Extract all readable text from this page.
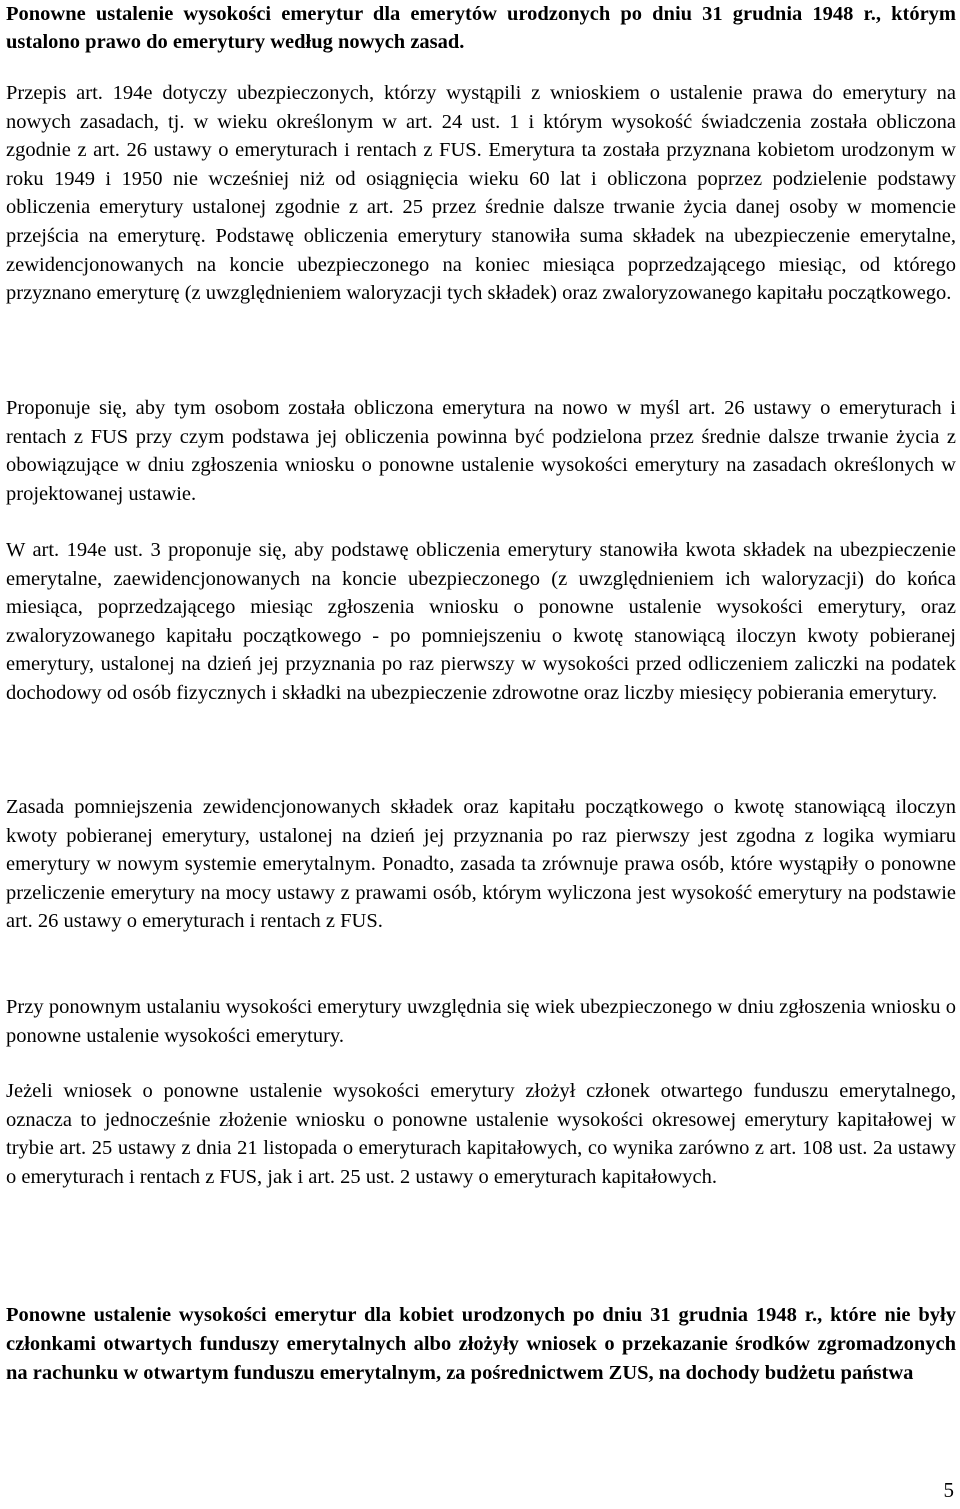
Ponowne ustalenie wysokości emerytur dla emerytów urodzonych po dniu 31 grudnia 1948 r., którym ustalono prawo do emerytury według nowych zasad.

Przepis art. 194e dotyczy ubezpieczonych, którzy wystąpili z wnioskiem o ustalenie prawa do emerytury na nowych zasadach, tj. w wieku określonym w art. 24 ust. 1 i którym wysokość świadczenia została obliczona zgodnie z art. 26 ustawy o emeryturach i rentach z FUS. Emerytura ta została przyznana kobietom urodzonym w roku 1949 i 1950 nie wcześniej niż od osiągnięcia wieku 60 lat i obliczona poprzez podzielenie podstawy obliczenia emerytury ustalonej zgodnie z art. 25 przez średnie dalsze trwanie życia danej osoby w momencie przejścia na emeryturę. Podstawę obliczenia emerytury stanowiła suma składek na ubezpieczenie emerytalne, zewidencjonowanych na koncie ubezpieczonego na koniec miesiąca poprzedzającego miesiąc, od którego przyznano emeryturę (z uwzględnieniem waloryzacji tych składek) oraz zwaloryzowanego kapitału początkowego.

Proponuje się, aby tym osobom została obliczona emerytura na nowo w myśl art. 26 ustawy o emeryturach i rentach z FUS przy czym podstawa jej obliczenia powinna być podzielona przez średnie dalsze trwanie życia z obowiązujące w dniu zgłoszenia wniosku o ponowne ustalenie wysokości emerytury na zasadach określonych w projektowanej ustawie.

W art. 194e ust. 3 proponuje się, aby podstawę obliczenia emerytury stanowiła kwota składek na ubezpieczenie emerytalne, zaewidencjonowanych na koncie ubezpieczonego (z uwzględnieniem ich waloryzacji) do końca miesiąca, poprzedzającego miesiąc zgłoszenia wniosku o ponowne ustalenie wysokości emerytury, oraz zwaloryzowanego kapitału początkowego - po pomniejszeniu o kwotę stanowiącą iloczyn kwoty pobieranej emerytury, ustalonej na dzień jej przyznania po raz pierwszy w wysokości przed odliczeniem zaliczki na podatek dochodowy od osób fizycznych i składki na ubezpieczenie zdrowotne oraz liczby miesięcy pobierania emerytury.

Zasada pomniejszenia zewidencjonowanych składek oraz kapitału początkowego o kwotę stanowiącą iloczyn kwoty pobieranej emerytury, ustalonej na dzień jej przyznania po raz pierwszy jest zgodna z logika wymiaru emerytury w nowym systemie emerytalnym. Ponadto, zasada ta zrównuje prawa osób, które wystąpiły o ponowne przeliczenie emerytury na mocy ustawy z prawami osób, którym wyliczona jest wysokość emerytury na podstawie art. 26 ustawy o emeryturach i rentach z FUS.

Przy ponownym ustalaniu wysokości emerytury uwzględnia się wiek ubezpieczonego w dniu zgłoszenia wniosku o ponowne ustalenie wysokości emerytury.

Jeżeli wniosek o ponowne ustalenie wysokości emerytury złożył członek otwartego funduszu emerytalnego, oznacza to jednocześnie złożenie wniosku o ponowne ustalenie wysokości okresowej emerytury kapitałowej w trybie art. 25 ustawy z dnia 21 listopada o emeryturach kapitałowych, co wynika zarówno z art. 108 ust. 2a ustawy o emeryturach i rentach z FUS, jak i art. 25 ust. 2 ustawy o emeryturach kapitałowych.

Ponowne ustalenie wysokości emerytur dla kobiet urodzonych po dniu 31 grudnia 1948 r., które nie były członkami otwartych funduszy emerytalnych albo złożyły wniosek o przekazanie środków zgromadzonych na rachunku w otwartym funduszu emerytalnym, za pośrednictwem ZUS, na dochody budżetu państwa

5
